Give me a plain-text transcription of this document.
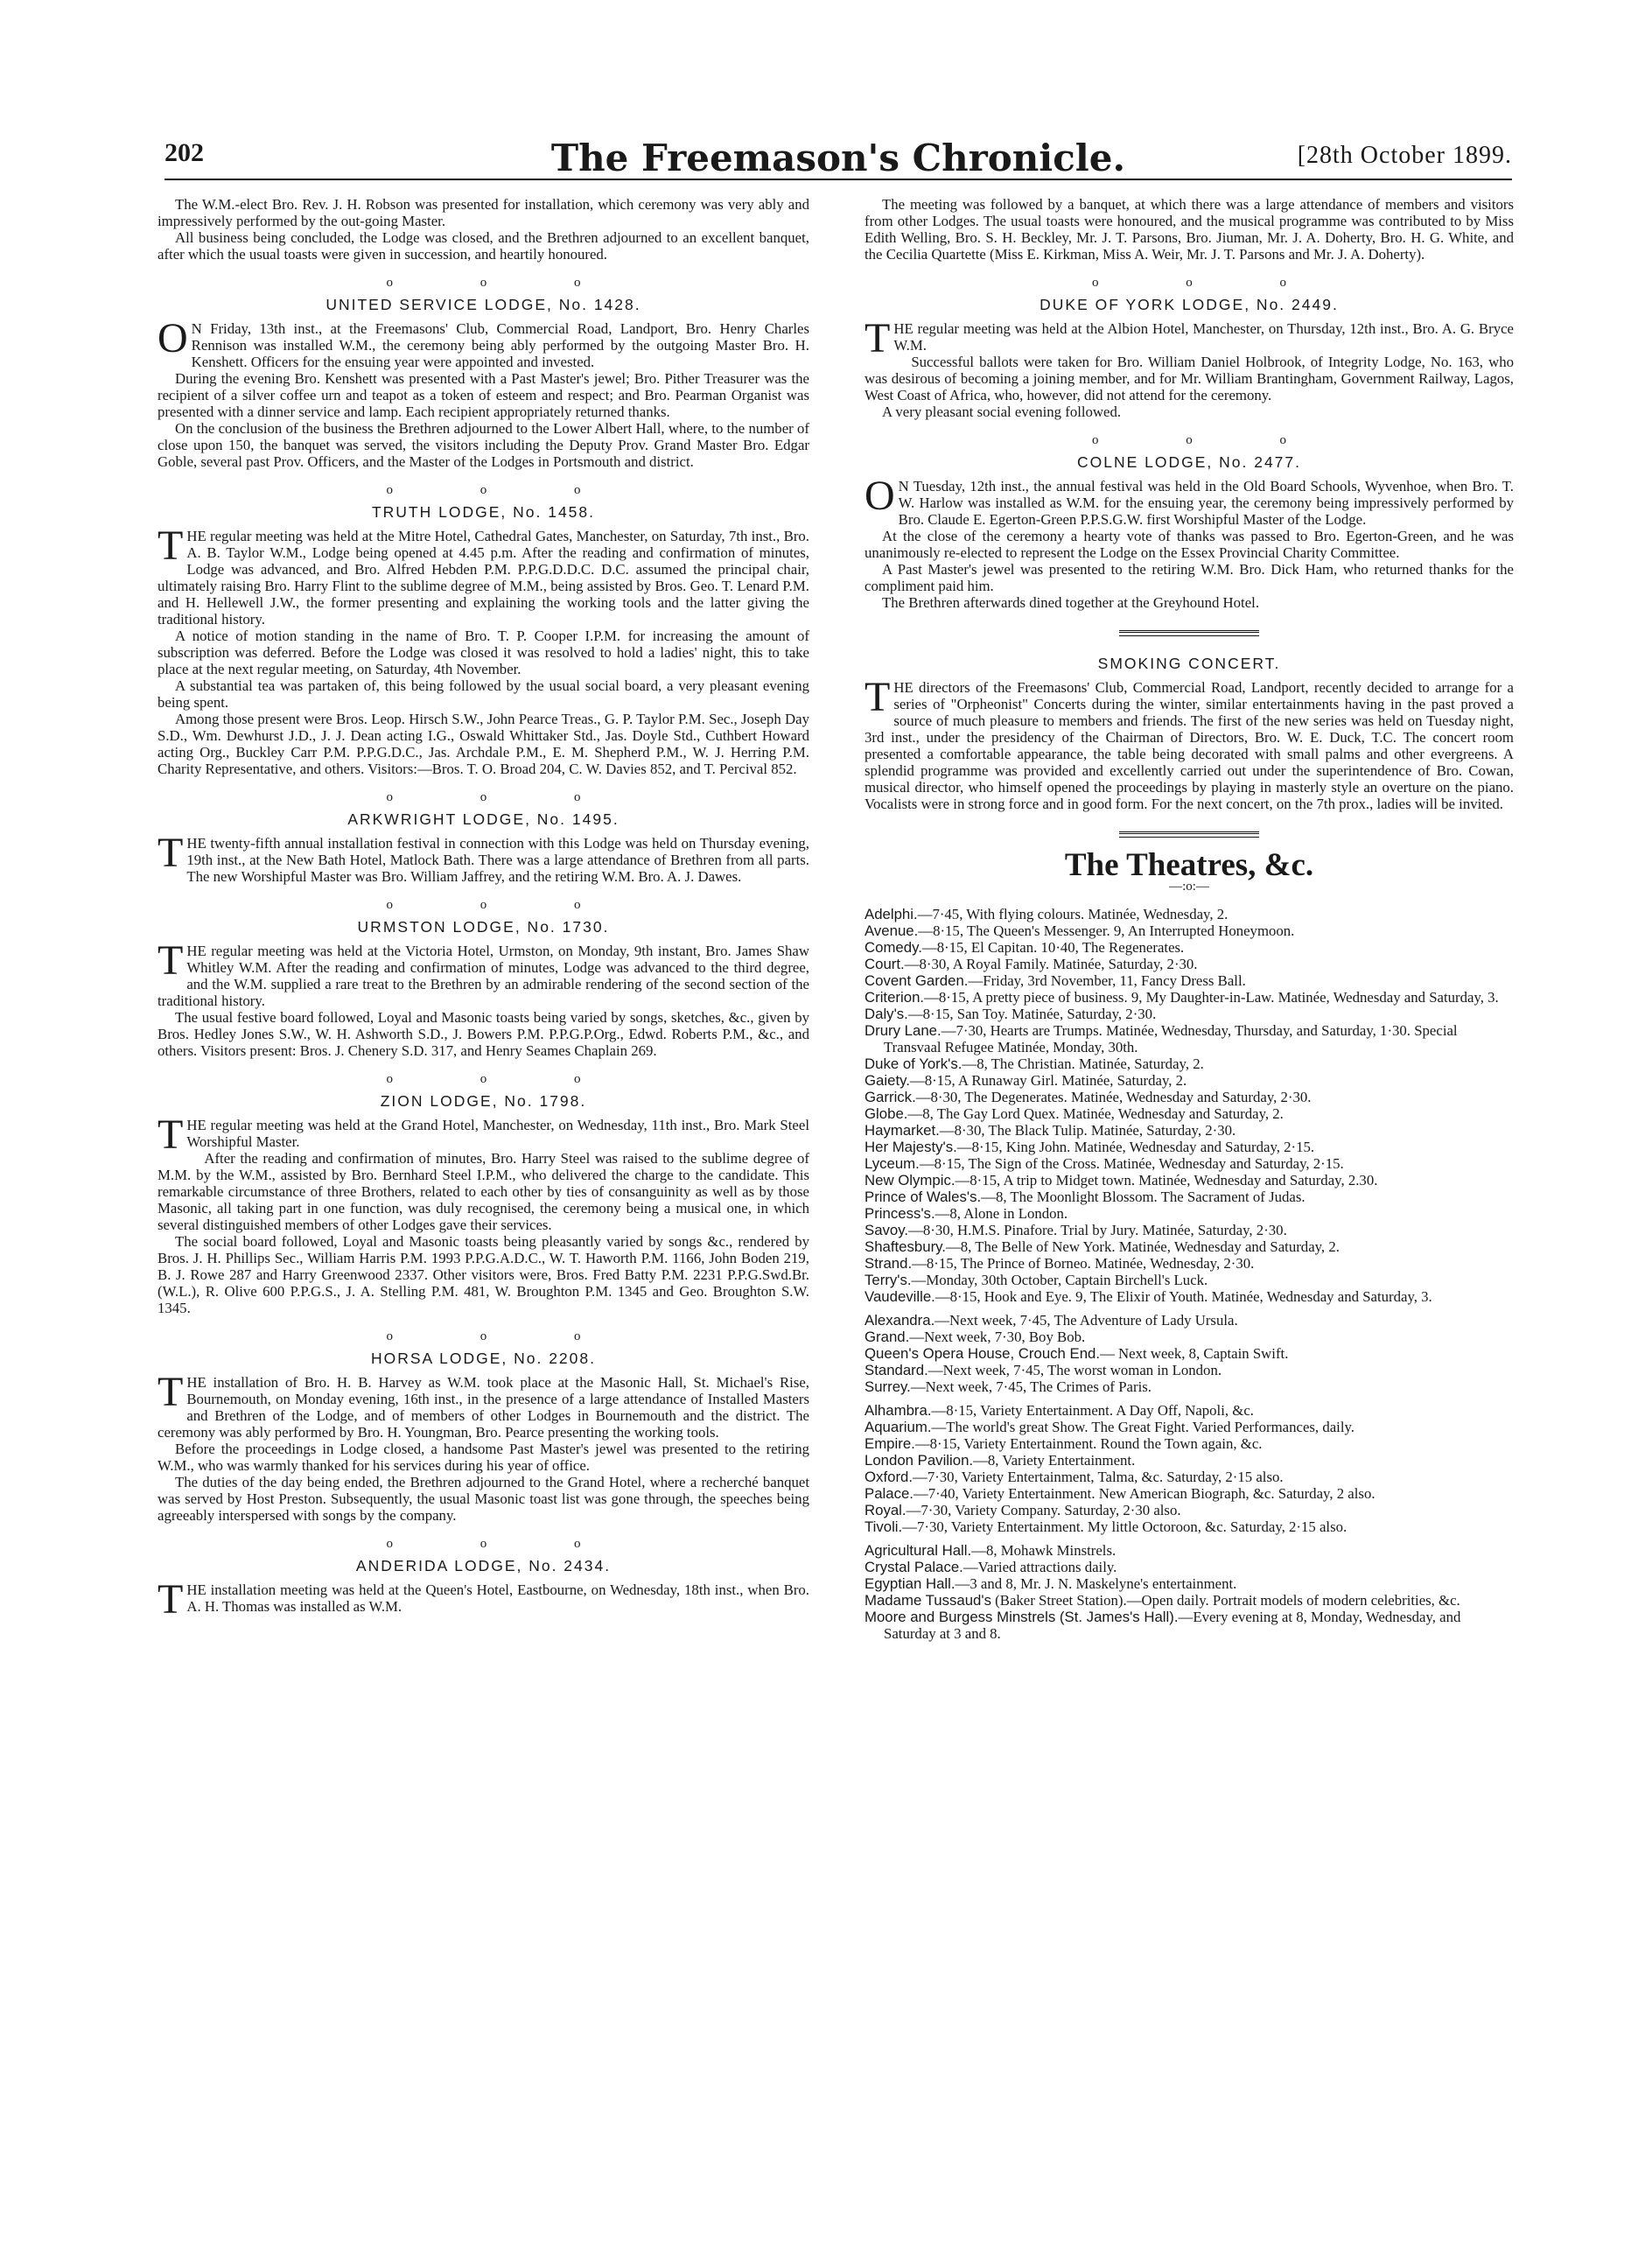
202	The Freemason's Chronicle.	[28th October 1899.

The W.M.-elect Bro. Rev. J. H. Robson was presented for installation, which ceremony was very ably and impressively performed by the out-going Master.

All business being concluded, the Lodge was closed, and the Brethren adjourned to an excellent banquet, after which the usual toasts were given in succession, and heartily honoured.

o o o
UNITED SERVICE LODGE, No. 1428.

O N Friday, 13th inst., at the Freemasons' Club, Commercial Road, Landport, Bro. Henry Charles Rennison was installed W.M., the ceremony being ably performed by the outgoing Master Bro. H. Kenshett. Officers for the ensuing year were appointed and invested.

During the evening Bro. Kenshett was presented with a Past Master's jewel; Bro. Pither Treasurer was the recipient of a silver coffee urn and teapot as a token of esteem and respect; and Bro. Pearman Organist was presented with a dinner service and lamp. Each recipient appropriately returned thanks.

On the conclusion of the business the Brethren adjourned to the Lower Albert Hall, where, to the number of close upon 150, the banquet was served, the visitors including the Deputy Prov. Grand Master Bro. Edgar Goble, several past Prov. Officers, and the Master of the Lodges in Portsmouth and district.

o o o
TRUTH LODGE, No. 1458.

THE regular meeting was held at the Mitre Hotel, Cathedral Gates, Manchester, on Saturday, 7th inst., Bro. A. B. Taylor W.M., Lodge being opened at 4.45 p.m. After the reading and confirmation of minutes, Lodge was advanced, and Bro. Alfred Hebden P.M. P.P.G.D.D.C. D.C. assumed the principal chair, ultimately raising Bro. Harry Flint to the sublime degree of M.M., being assisted by Bros. Geo. T. Lenard P.M. and H. Hellewell J.W., the former presenting and explaining the working tools and the latter giving the traditional history.

A notice of motion standing in the name of Bro. T. P. Cooper I.P.M. for increasing the amount of subscription was deferred. Before the Lodge was closed it was resolved to hold a ladies' night, this to take place at the next regular meeting, on Saturday, 4th November.

A substantial tea was partaken of, this being followed by the usual social board, a very pleasant evening being spent.

Among those present were Bros. Leop. Hirsch S.W., John Pearce Treas., G. P. Taylor P.M. Sec., Joseph Day S.D., Wm. Dewhurst J.D., J. J. Dean acting I.G., Oswald Whittaker Std., Jas. Doyle Std., Cuthbert Howard acting Org., Buckley Carr P.M. P.P.G.D.C., Jas. Archdale P.M., E. M. Shepherd P.M., W. J. Herring P.M. Charity Representative, and others. Visitors:—Bros. T. O. Broad 204, C. W. Davies 852, and T. Percival 852.

o o o
ARKWRIGHT LODGE, No. 1495.

THE twenty-fifth annual installation festival in connection with this Lodge was held on Thursday evening, 19th inst., at the New Bath Hotel, Matlock Bath. There was a large attendance of Brethren from all parts. The new Worshipful Master was Bro. William Jaffrey, and the retiring W.M. Bro. A. J. Dawes.

o o o
URMSTON LODGE, No. 1730.

THE regular meeting was held at the Victoria Hotel, Urmston, on Monday, 9th instant, Bro. James Shaw Whitley W.M. After the reading and confirmation of minutes, Lodge was advanced to the third degree, and the W.M. supplied a rare treat to the Brethren by an admirable rendering of the second section of the traditional history.

The usual festive board followed, Loyal and Masonic toasts being varied by songs, sketches, &c., given by Bros. Hedley Jones S.W., W. H. Ashworth S.D., J. Bowers P.M. P.P.G.P.Org., Edwd. Roberts P.M., &c., and others. Visitors present: Bros. J. Chenery S.D. 317, and Henry Seames Chaplain 269.

o o o
ZION LODGE, No. 1798.

THE regular meeting was held at the Grand Hotel, Manchester, on Wednesday, 11th inst., Bro. Mark Steel Worshipful Master.

After the reading and confirmation of minutes, Bro. Harry Steel was raised to the sublime degree of M.M. by the W.M., assisted by Bro. Bernhard Steel I.P.M., who delivered the charge to the candidate. This remarkable circumstance of three Brothers, related to each other by ties of consanguinity as well as by those Masonic, all taking part in one function, was duly recognised, the ceremony being a musical one, in which several distinguished members of other Lodges gave their services.

The social board followed, Loyal and Masonic toasts being pleasantly varied by songs &c., rendered by Bros. J. H. Phillips Sec., William Harris P.M. 1993 P.P.G.A.D.C., W. T. Haworth P.M. 1166, John Boden 219, B. J. Rowe 287 and Harry Greenwood 2337. Other visitors were, Bros. Fred Batty P.M. 2231 P.P.G.Swd.Br. (W.L.), R. Olive 600 P.P.G.S., J. A. Stelling P.M. 481, W. Broughton P.M. 1345 and Geo. Broughton S.W. 1345.

o o o
HORSA LODGE, No. 2208.

THE installation of Bro. H. B. Harvey as W.M. took place at the Masonic Hall, St. Michael's Rise, Bournemouth, on Monday evening, 16th inst., in the presence of a large attendance of Installed Masters and Brethren of the Lodge, and of members of other Lodges in Bournemouth and the district. The ceremony was ably performed by Bro. H. Youngman, Bro. Pearce presenting the working tools.

Before the proceedings in Lodge closed, a handsome Past Master's jewel was presented to the retiring W.M., who was warmly thanked for his services during his year of office.

The duties of the day being ended, the Brethren adjourned to the Grand Hotel, where a recherché banquet was served by Host Preston. Subsequently, the usual Masonic toast list was gone through, the speeches being agreeably interspersed with songs by the company.

o o o
ANDERIDA LODGE, No. 2434.

THE installation meeting was held at the Queen's Hotel, Eastbourne, on Wednesday, 18th inst., when Bro. A. H. Thomas was installed as W.M.

The meeting was followed by a banquet, at which there was a large attendance of members and visitors from other Lodges. The usual toasts were honoured, and the musical programme was contributed to by Miss Edith Welling, Bro. S. H. Beckley, Mr. J. T. Parsons, Bro. Jiuman, Mr. J. A. Doherty, Bro. H. G. White, and the Cecilia Quartette (Miss E. Kirkman, Miss A. Weir, Mr. J. T. Parsons and Mr. J. A. Doherty).

o o o
DUKE OF YORK LODGE, No. 2449.

THE regular meeting was held at the Albion Hotel, Manchester, on Thursday, 12th inst., Bro. A. G. Bryce W.M.

Successful ballots were taken for Bro. William Daniel Holbrook, of Integrity Lodge, No. 163, who was desirous of becoming a joining member, and for Mr. William Brantingham, Government Railway, Lagos, West Coast of Africa, who, however, did not attend for the ceremony.

A very pleasant social evening followed.

o o o
COLNE LODGE, No. 2477.

O N Tuesday, 12th inst., the annual festival was held in the Old Board Schools, Wyvenhoe, when Bro. T. W. Harlow was installed as W.M. for the ensuing year, the ceremony being impressively performed by Bro. Claude E. Egerton-Green P.P.S.G.W. first Worshipful Master of the Lodge.

At the close of the ceremony a hearty vote of thanks was passed to Bro. Egerton-Green, and he was unanimously re-elected to represent the Lodge on the Essex Provincial Charity Committee.

A Past Master's jewel was presented to the retiring W.M. Bro. Dick Ham, who returned thanks for the compliment paid him.

The Brethren afterwards dined together at the Greyhound Hotel.

SMOKING CONCERT.

THE directors of the Freemasons' Club, Commercial Road, Landport, recently decided to arrange for a series of "Orpheonist" Concerts during the winter, similar entertainments having in the past proved a source of much pleasure to members and friends. The first of the new series was held on Tuesday night, 3rd inst., under the presidency of the Chairman of Directors, Bro. W. E. Duck, T.C. The concert room presented a comfortable appearance, the table being decorated with small palms and other evergreens. A splendid programme was provided and excellently carried out under the superintendence of Bro. Cowan, musical director, who himself opened the proceedings by playing in masterly style an overture on the piano. Vocalists were in strong force and in good form. For the next concert, on the 7th prox., ladies will be invited.

The Theatres, &c.
—:o:—

Adelphi.—7·45, With flying colours. Matinée, Wednesday, 2.

Avenue.—8·15, The Queen's Messenger. 9, An Interrupted Honeymoon.

Comedy.—8·15, El Capitan. 10·40, The Regenerates.

Court.—8·30, A Royal Family. Matinée, Saturday, 2·30.

Covent Garden.—Friday, 3rd November, 11, Fancy Dress Ball.

Criterion.—8·15, A pretty piece of business. 9, My Daughter-in-Law. Matinée, Wednesday and Saturday, 3.

Daly's.—8·15, San Toy. Matinée, Saturday, 2·30.

Drury Lane.—7·30, Hearts are Trumps. Matinée, Wednesday, Thursday, and Saturday, 1·30. Special Transvaal Refugee Matinée, Monday, 30th.

Duke of York's.—8, The Christian. Matinée, Saturday, 2.

Gaiety.—8·15, A Runaway Girl. Matinée, Saturday, 2.

Garrick.—8·30, The Degenerates. Matinée, Wednesday and Saturday, 2·30.

Globe.—8, The Gay Lord Quex. Matinée, Wednesday and Saturday, 2.

Haymarket.—8·30, The Black Tulip. Matinée, Saturday, 2·30.

Her Majesty's.—8·15, King John. Matinée, Wednesday and Saturday, 2·15.

Lyceum.—8·15, The Sign of the Cross. Matinée, Wednesday and Saturday, 2·15.

New Olympic.—8·15, A trip to Midget town. Matinée, Wednesday and Saturday, 2.30.

Prince of Wales's.—8, The Moonlight Blossom. The Sacrament of Judas.

Princess's.—8, Alone in London.

Savoy.—8·30, H.M.S. Pinafore. Trial by Jury. Matinée, Saturday, 2·30.

Shaftesbury.—8, The Belle of New York. Matinée, Wednesday and Saturday, 2.

Strand.—8·15, The Prince of Borneo. Matinée, Wednesday, 2·30.

Terry's.—Monday, 30th October, Captain Birchell's Luck.

Vaudeville.—8·15, Hook and Eye. 9, The Elixir of Youth. Matinée, Wednesday and Saturday, 3.

Alexandra.—Next week, 7·45, The Adventure of Lady Ursula.

Grand.—Next week, 7·30, Boy Bob.

Queen's Opera House, Crouch End.— Next week, 8, Captain Swift.

Standard.—Next week, 7·45, The worst woman in London.

Surrey.—Next week, 7·45, The Crimes of Paris.

Alhambra.—8·15, Variety Entertainment. A Day Off, Napoli, &c.

Aquarium.—The world's great Show. The Great Fight. Varied Performances, daily.

Empire.—8·15, Variety Entertainment. Round the Town again, &c.

London Pavilion.—8, Variety Entertainment.

Oxford.—7·30, Variety Entertainment, Talma, &c. Saturday, 2·15 also.

Palace.—7·40, Variety Entertainment. New American Biograph, &c. Saturday, 2 also.

Royal.—7·30, Variety Company. Saturday, 2·30 also.

Tivoli.—7·30, Variety Entertainment. My little Octoroon, &c. Saturday, 2·15 also.

Agricultural Hall.—8, Mohawk Minstrels.

Crystal Palace.—Varied attractions daily.

Egyptian Hall.—3 and 8, Mr. J. N. Maskelyne's entertainment.

Madame Tussaud's (Baker Street Station).—Open daily. Portrait models of modern celebrities, &c.

Moore and Burgess Minstrels (St. James's Hall).—Every evening at 8, Monday, Wednesday, and Saturday at 3 and 8.
